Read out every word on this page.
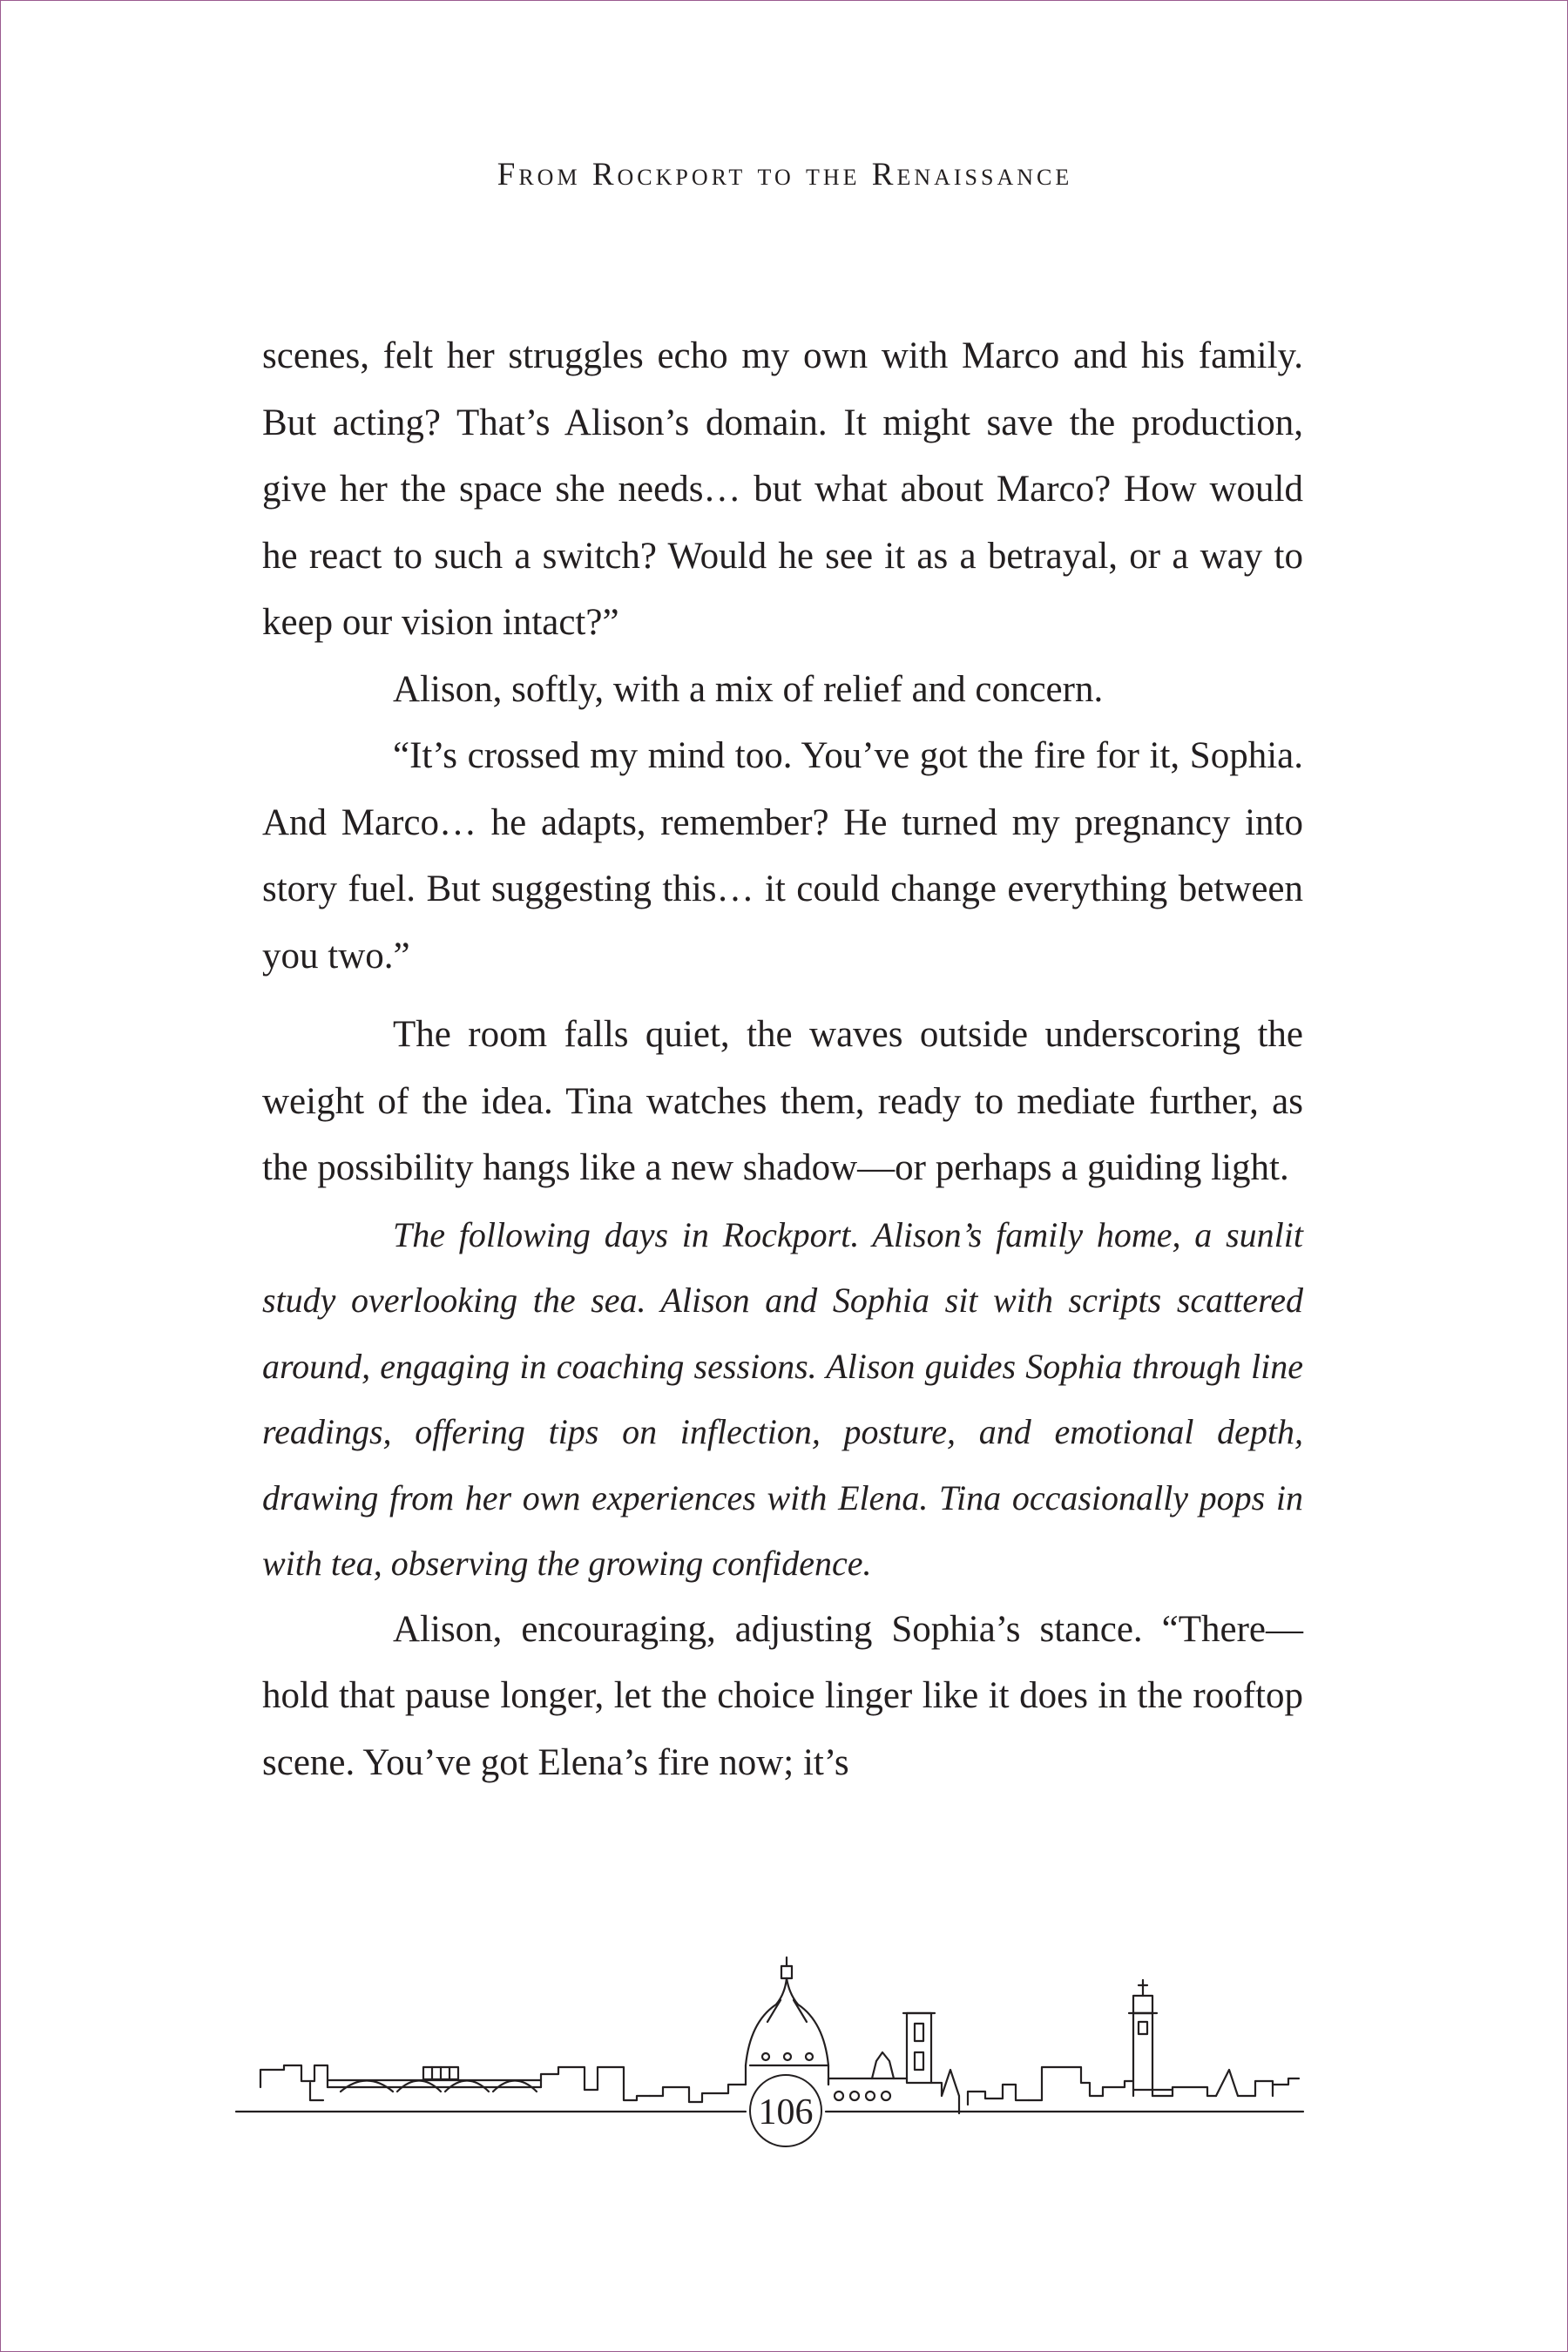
From Rockport to the Renaissance

scenes, felt her struggles echo my own with Marco and his family. But acting? That’s Alison’s domain. It might save the production, give her the space she needs… but what about Marco? How would he react to such a switch? Would he see it as a betrayal, or a way to keep our vision intact?”

Alison, softly, with a mix of relief and concern.

“It’s crossed my mind too. You’ve got the fire for it, Sophia. And Marco… he adapts, remember? He turned my pregnancy into story fuel. But suggesting this… it could change everything between you two.”

The room falls quiet, the waves outside underscoring the weight of the idea. Tina watches them, ready to mediate further, as the possibility hangs like a new shadow—or perhaps a guiding light.

The following days in Rockport. Alison’s family home, a sunlit study overlooking the sea. Alison and Sophia sit with scripts scattered around, engaging in coaching sessions. Alison guides Sophia through line readings, offering tips on inflection, posture, and emotional depth, drawing from her own experiences with Elena. Tina occasionally pops in with tea, observing the growing confidence.

Alison, encouraging, adjusting Sophia’s stance. “There—hold that pause longer, let the choice linger like it does in the rooftop scene. You’ve got Elena’s fire now; it’s

106
